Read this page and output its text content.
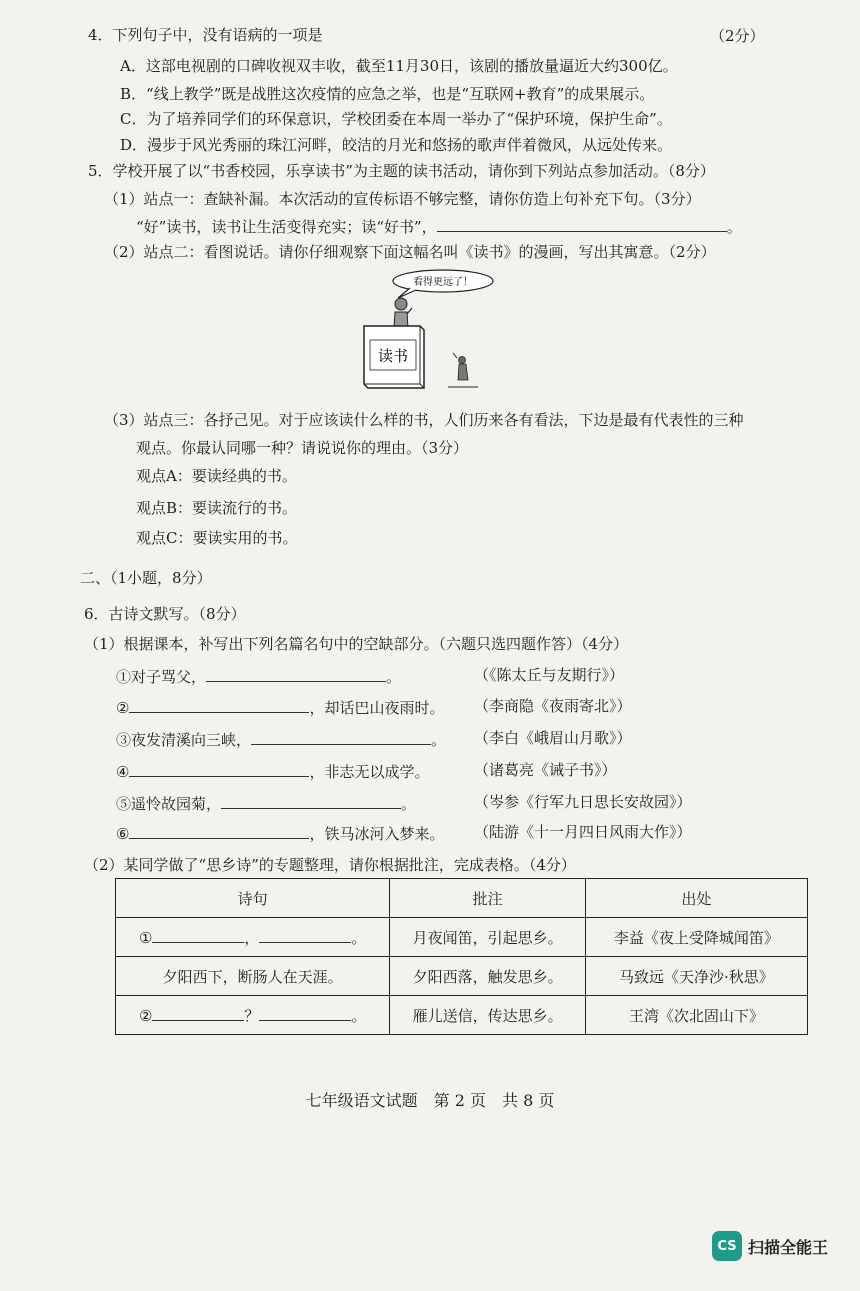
4．下列句子中，没有语病的一项是	（2分）
A．这部电视剧的口碑收视双丰收，截至11月30日，该剧的播放量逼近大约300亿。
B．“线上教学”既是战胜这次疫情的应急之举，也是“互联网+教育”的成果展示。
C．为了培养同学们的环保意识，学校团委在本周一举办了“保护环境，保护生命”。
D．漫步于风光秀丽的珠江河畔，皎洁的月光和悠扬的歌声伴着微风，从远处传来。
5．学校开展了以“书香校园，乐享读书”为主题的读书活动，请你到下列站点参加活动。（8分）
（1）站点一：查缺补漏。本次活动的宣传标语不够完整，请你仿造上句补充下句。（3分）
“好”读书，读书让生活变得充实；读“好书”，	。
（2）站点二：看图说话。请你仔细观察下面这幅名叫《读书》的漫画，写出其寓意。（2分）
看得更远了！
读书
（3）站点三：各抒己见。对于应该读什么样的书，人们历来各有看法，下边是最有代表性的三种
观点。你最认同哪一种？请说说你的理由。（3分）
观点A：要读经典的书。
观点B：要读流行的书。
观点C：要读实用的书。
二、（1小题，8分）
6．古诗文默写。（8分）
（1）根据课本，补写出下列名篇名句中的空缺部分。（六题只选四题作答）（4分）
①对子骂父，	。	（《陈太丘与友期行》）
②	，却话巴山夜雨时。 （李商隐《夜雨寄北》）
③夜发清溪向三峡，	。 （李白《峨眉山月歌》）
④	，非志无以成学。	（诸葛亮《诫子书》）
⑤遥怜故园菊，	。	（岑参《行军九日思长安故园》）
⑥	，铁马冰河入梦来。 （陆游《十一月四日风雨大作》）
（2）某同学做了“思乡诗”的专题整理，请你根据批注，完成表格。（4分）
诗句	批注	出处
① ， 。	月夜闻笛，引起思乡。	李益《夜上受降城闻笛》
夕阳西下，断肠人在天涯。	夕阳西落，触发思乡。	马致远《天净沙·秋思》
② ？ 。	雁儿送信，传达思乡。	王湾《次北固山下》
七年级语文试题　第 2 页　共 8 页
CS 扫描全能王
